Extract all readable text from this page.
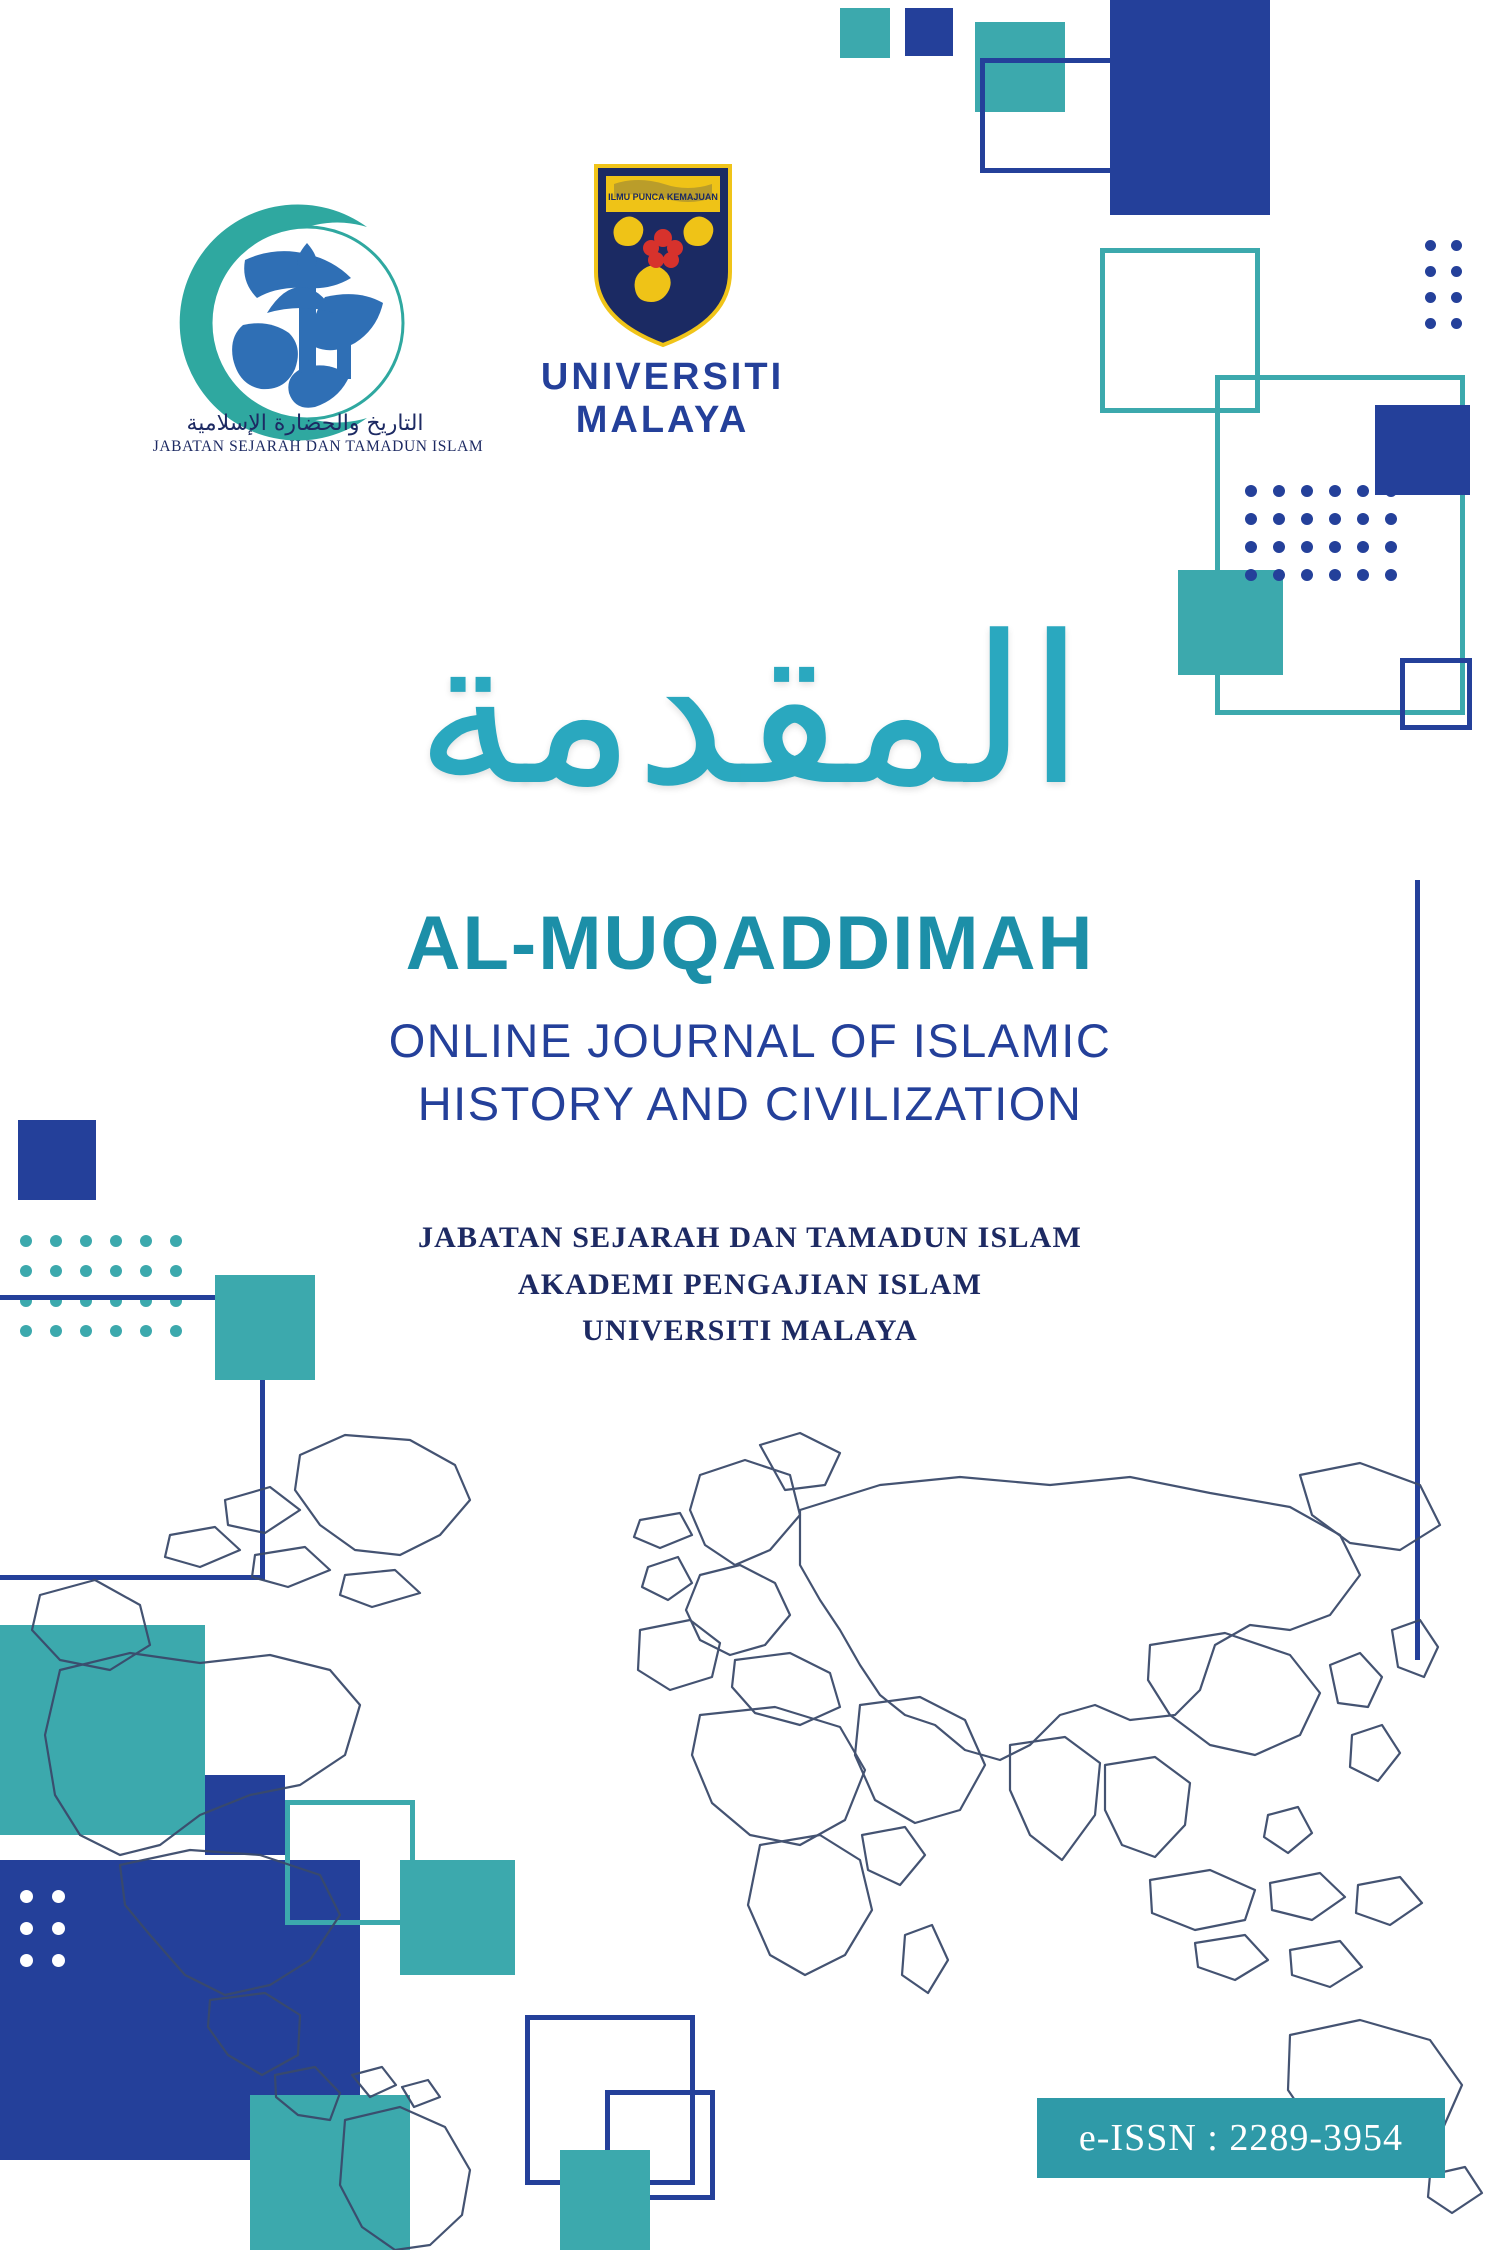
التاريخ والحضارة الإسلامية
JABATAN SEJARAH DAN TAMADUN ISLAM
ILMU PUNCA KEMAJUAN
UNIVERSITI
MALAYA
المقدمة
AL-MUQADDIMAH
ONLINE JOURNAL OF ISLAMIC
HISTORY AND CIVILIZATION
JABATAN SEJARAH DAN TAMADUN ISLAM
AKADEMI PENGAJIAN ISLAM
UNIVERSITI MALAYA
e-ISSN : 2289-3954
